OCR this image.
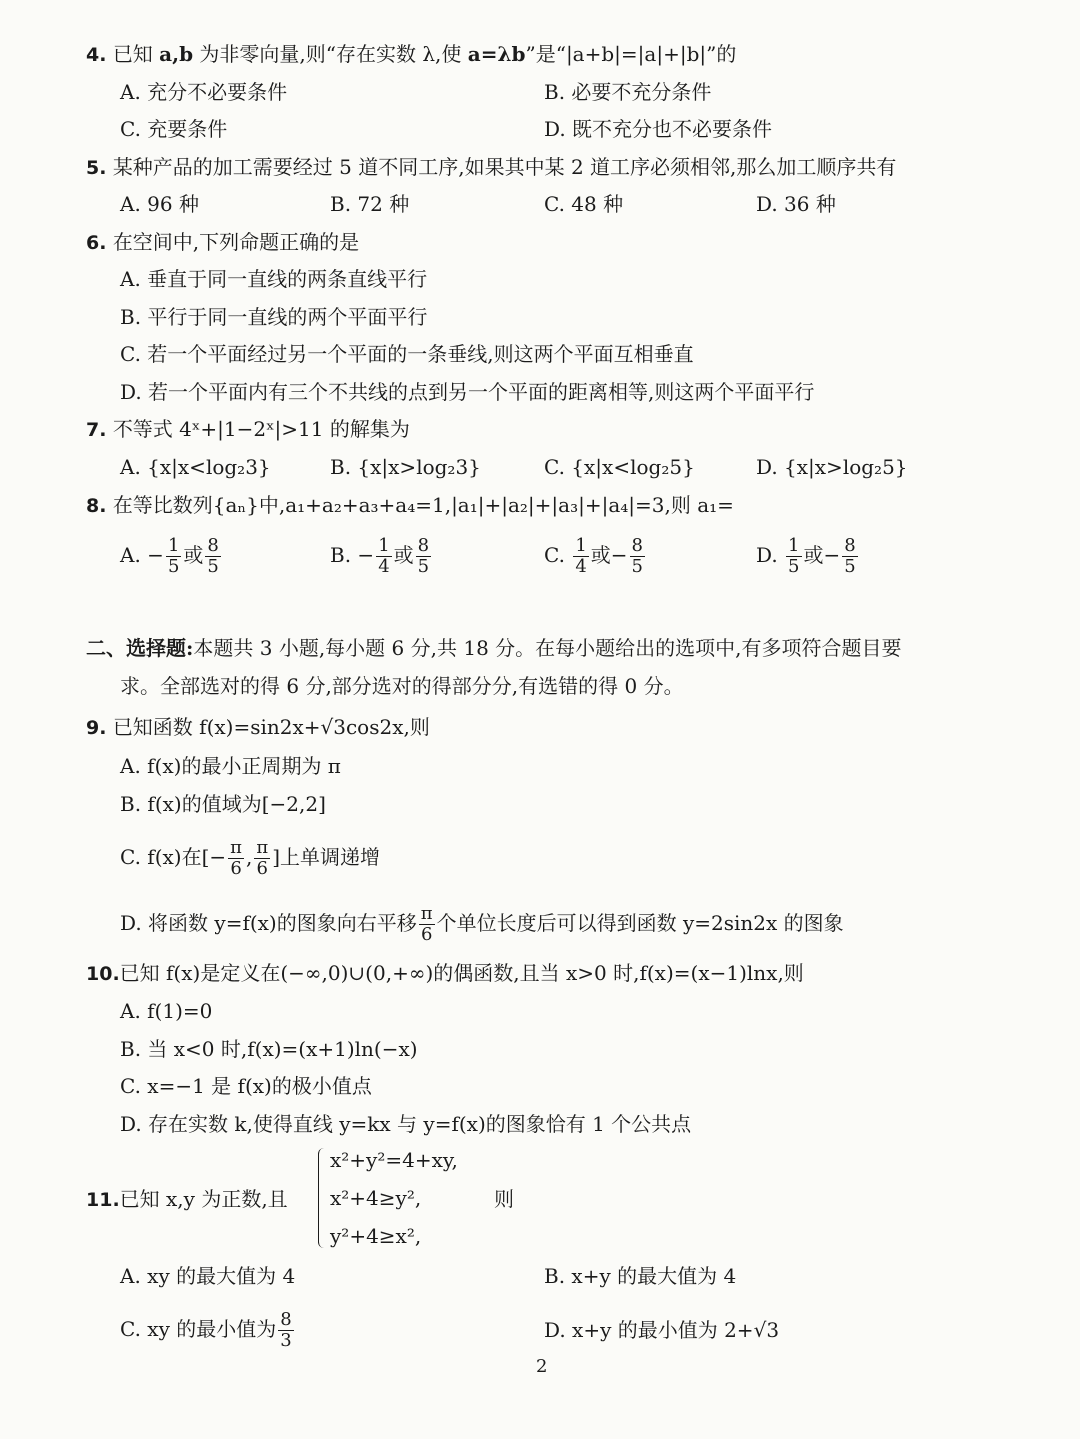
4. 已知 a,b 为非零向量,则“存在实数 λ,使 a=λb”是“|a+b|=|a|+|b|”的
A. 充分不必要条件	B. 必要不充分条件
C. 充要条件	D. 既不充分也不必要条件
5. 某种产品的加工需要经过 5 道不同工序,如果其中某 2 道工序必须相邻,那么加工顺序共有
A. 96 种	B. 72 种	C. 48 种	D. 36 种
6. 在空间中,下列命题正确的是
A. 垂直于同一直线的两条直线平行
B. 平行于同一直线的两个平面平行
C. 若一个平面经过另一个平面的一条垂线,则这两个平面互相垂直
D. 若一个平面内有三个不共线的点到另一个平面的距离相等,则这两个平面平行
7. 不等式 4ˣ+|1−2ˣ|>11 的解集为
A. {x|x<log₂3}	B. {x|x>log₂3}	C. {x|x<log₂5}	D. {x|x>log₂5}
8. 在等比数列{aₙ}中,a₁+a₂+a₃+a₄=1,|a₁|+|a₂|+|a₃|+|a₄|=3,则 a₁=
A. − $\frac{1}{5}$ 或 $\frac{8}{5}$	B. − $\frac{1}{4}$ 或 $\frac{8}{5}$	C. $\frac{1}{4}$ 或− $\frac{8}{5}$	D. $\frac{1}{5}$ 或− $\frac{8}{5}$
二、选择题:本题共 3 小题,每小题 6 分,共 18 分。在每小题给出的选项中,有多项符合题目要
求。全部选对的得 6 分,部分选对的得部分分,有选错的得 0 分。
9. 已知函数 f(x)=sin2x+√3cos2x,则
A. f(x)的最小正周期为 π
B. f(x)的值域为[−2,2]
C. f(x)在[− $\frac{\pi}{6}$ , $\frac{\pi}{6}$ ]上单调递增
D. 将函数 y=f(x)的图象向右平移 $\frac{\pi}{6}$ 个单位长度后可以得到函数 y=2sin2x 的图象
10.已知 f(x)是定义在(−∞,0)∪(0,+∞)的偶函数,且当 x>0 时,f(x)=(x−1)lnx,则
A. f(1)=0
B. 当 x<0 时,f(x)=(x+1)ln(−x)
C. x=−1 是 f(x)的极小值点
D. 存在实数 k,使得直线 y=kx 与 y=f(x)的图象恰有 1 个公共点
11.已知 x,y 为正数,且
x²+y²=4+xy,
x²+4≥y²,
y²+4≥x²,
则
A. xy 的最大值为 4	B. x+y 的最大值为 4
C. xy 的最小值为 $\frac{8}{3}$	D. x+y 的最小值为 2+√3
2
